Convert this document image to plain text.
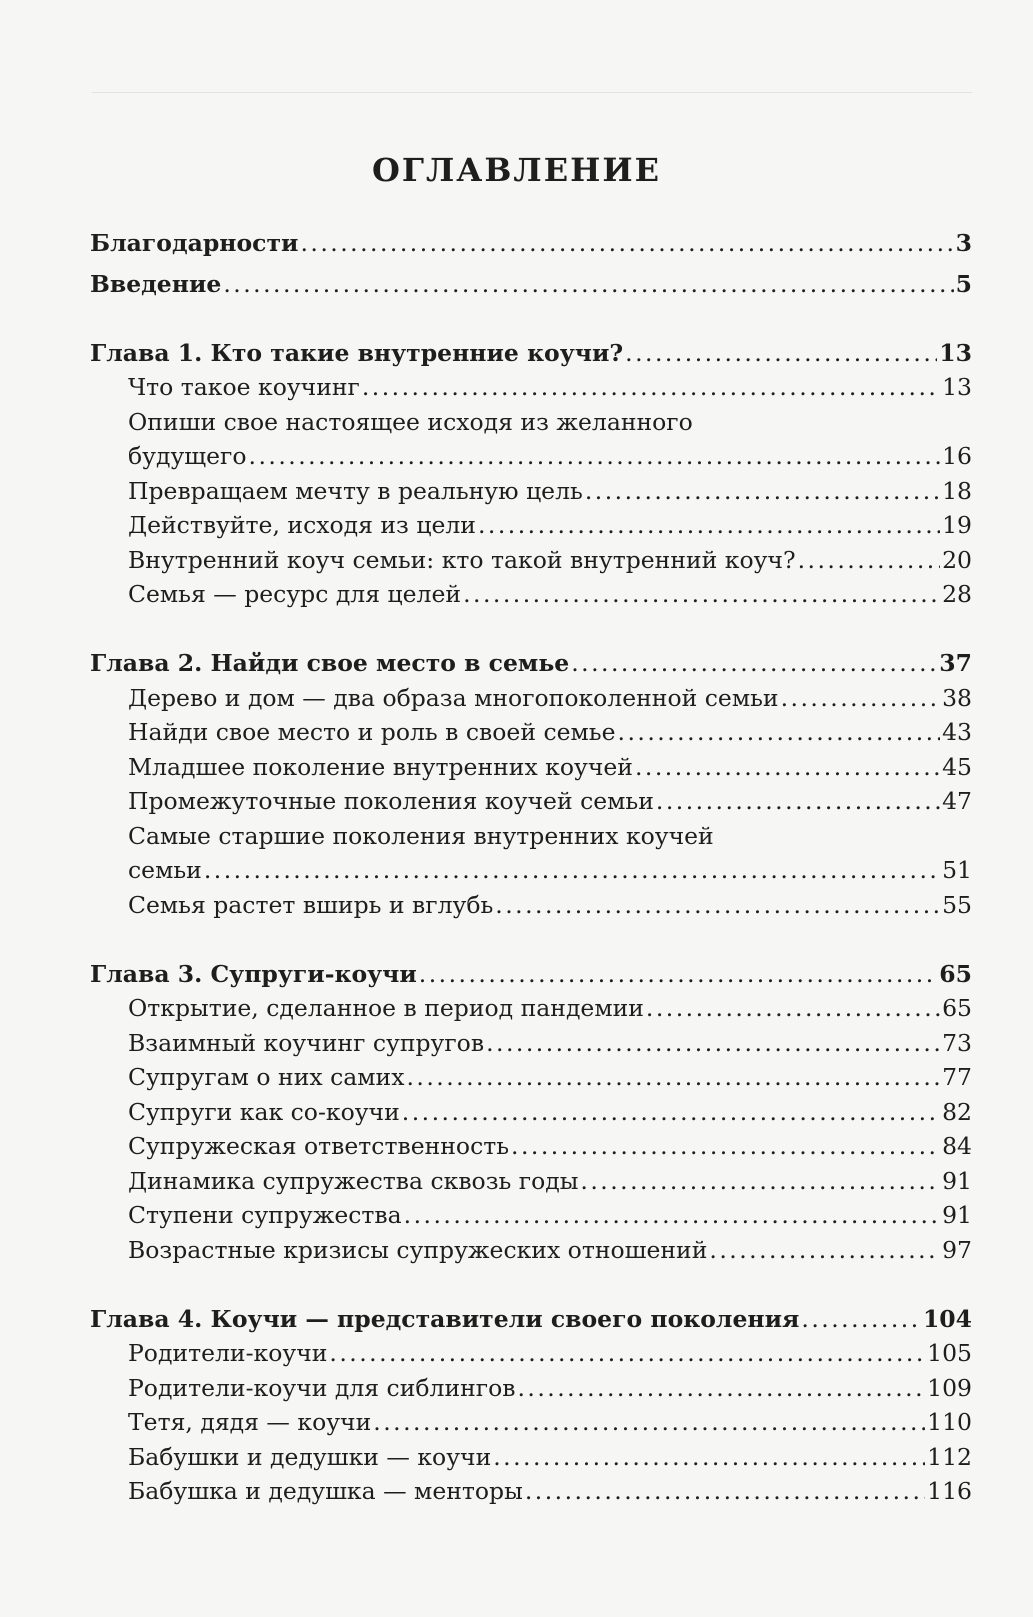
ОГЛАВЛЕНИЕ
Благодарности . . .	3
Введение . . .	5
Глава 1. Кто такие внутренние коучи? . . .	13
Что такое коучинг . . .	13
Опиши свое настоящее исходя из желанного
будущего . . .	16
Превращаем мечту в реальную цель . . .	18
Действуйте, исходя из цели . . .	19
Внутренний коуч семьи: кто такой внутренний коуч? . . .	20
Семья — ресурс для целей . . .	28
Глава 2. Найди свое место в семье . . .	37
Дерево и дом — два образа многопоколенной семьи . . .	38
Найди свое место и роль в своей семье . . .	43
Младшее поколение внутренних коучей . . .	45
Промежуточные поколения коучей семьи . . .	47
Самые старшие поколения внутренних коучей
семьи . . .	51
Семья растет вширь и вглубь . . .	55
Глава 3. Супруги-коучи . . .	65
Открытие, сделанное в период пандемии . . .	65
Взаимный коучинг супругов . . .	73
Супругам о них самих . . .	77
Супруги как со-коучи . . .	82
Супружеская ответственность . . .	84
Динамика супружества сквозь годы . . .	91
Ступени супружества . . .	91
Возрастные кризисы супружеских отношений . . .	97
Глава 4. Коучи — представители своего поколения . . .	104
Родители-коучи . . .	105
Родители-коучи для сиблингов . . .	109
Тетя, дядя — коучи . . .	110
Бабушки и дедушки — коучи . . .	112
Бабушка и дедушка — менторы . . .	116
